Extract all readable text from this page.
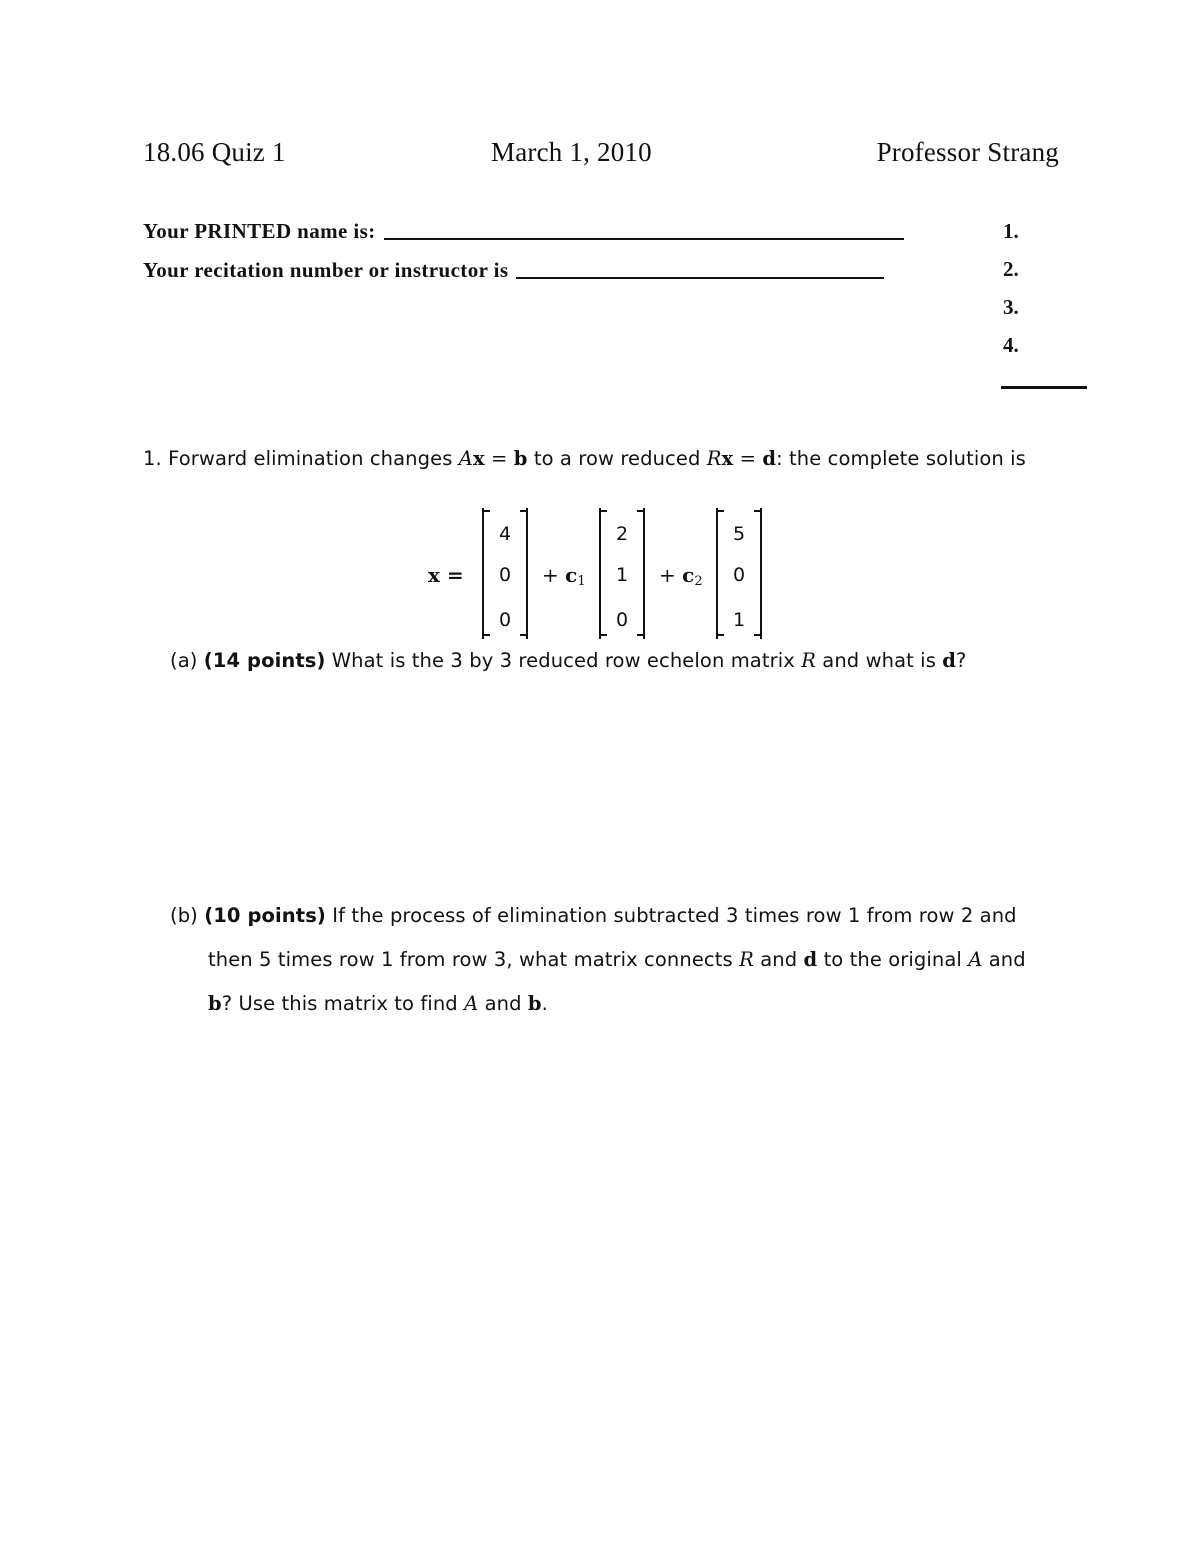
18.06 Quiz 1	March 1, 2010	Professor Strang
Your PRINTED name is:
Your recitation number or instructor is
1.
2.
3.
4.
1. Forward elimination changes Ax = b to a row reduced Rx = d: the complete solution is
x =
4
0
0
+ $c_1$
2
1
0
+ $c_2$
5
0
1
(a) (14 points) What is the 3 by 3 reduced row echelon matrix R and what is d?
(b) (10 points) If the process of elimination subtracted 3 times row 1 from row 2 and
then 5 times row 1 from row 3, what matrix connects R and d to the original A and
b? Use this matrix to find A and b.
